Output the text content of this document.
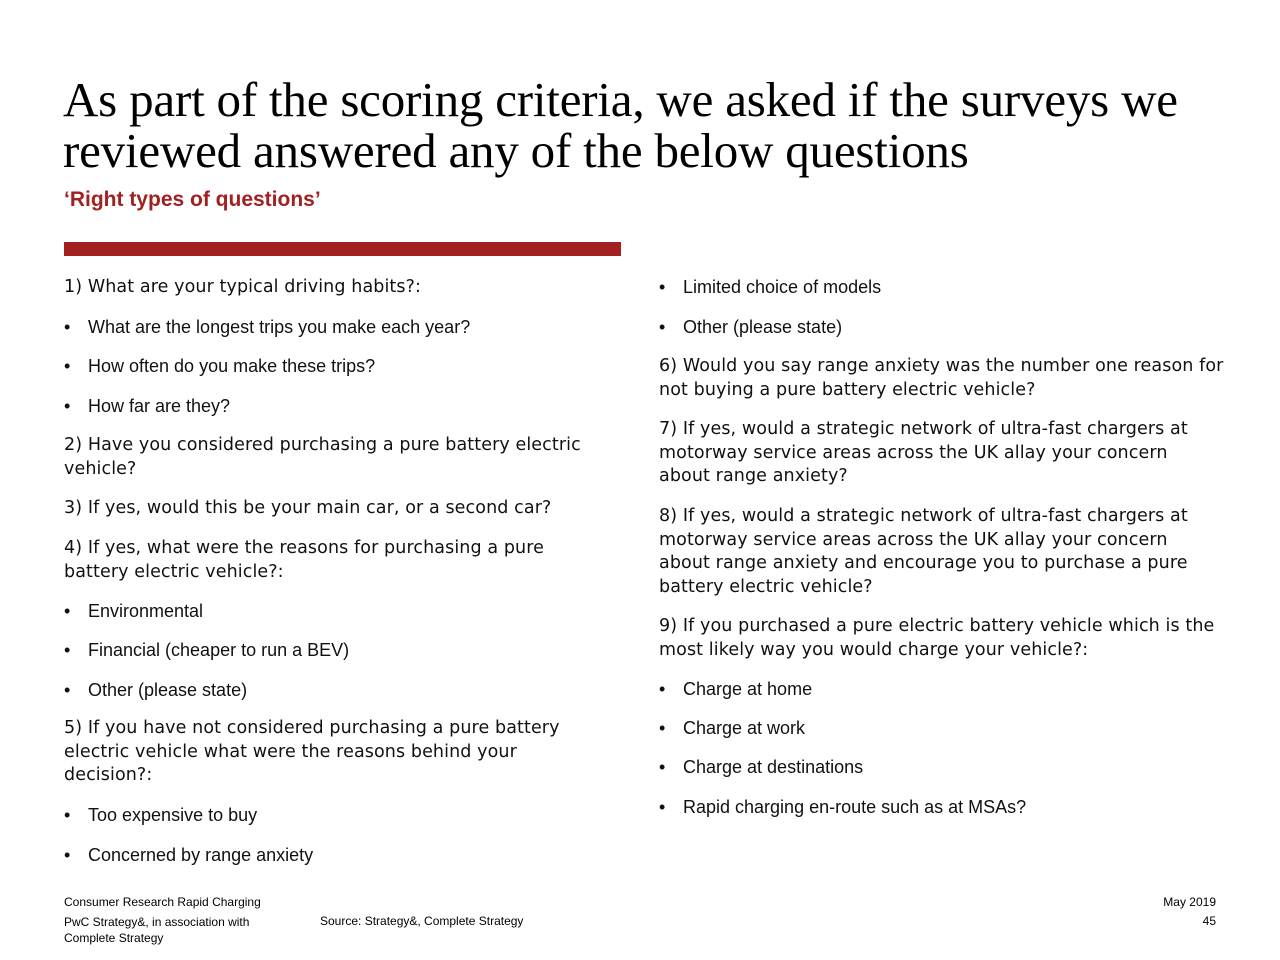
As part of the scoring criteria, we asked if the surveys we reviewed answered any of the below questions
‘Right types of questions’
1) What are your typical driving habits?:
• What are the longest trips you make each year?
• How often do you make these trips?
• How far are they?
2) Have you considered purchasing a pure battery electric vehicle?
3) If yes, would this be your main car, or a second car?
4) If yes, what were the reasons for purchasing a pure battery electric vehicle?:
• Environmental
• Financial (cheaper to run a BEV)
• Other (please state)
5) If you have not considered purchasing a pure battery electric vehicle what were the reasons behind your decision?:
• Too expensive to buy
• Concerned by range anxiety
• Limited choice of models
• Other (please state)
6) Would you say range anxiety was the number one reason for not buying a pure battery electric vehicle?
7) If yes, would a strategic network of ultra-fast chargers at motorway service areas across the UK allay your concern about range anxiety?
8) If yes, would a strategic network of ultra-fast chargers at motorway service areas across the UK allay your concern about range anxiety and encourage you to purchase a pure battery electric vehicle?
9) If you purchased a pure electric battery vehicle which is the most likely way you would charge your vehicle?:
• Charge at home
• Charge at work
• Charge at destinations
• Rapid charging en-route such as at MSAs?
Consumer Research Rapid Charging
PwC Strategy&, in association with Complete Strategy
Source: Strategy&, Complete Strategy
May 2019
45
